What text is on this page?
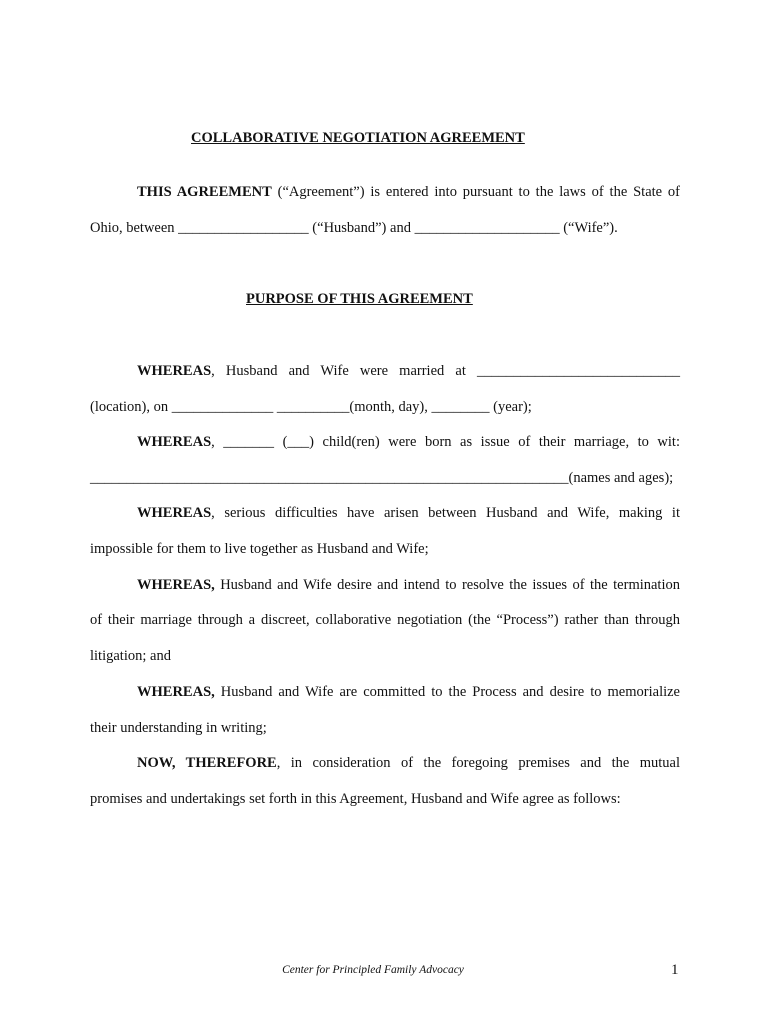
COLLABORATIVE NEGOTIATION AGREEMENT
THIS AGREEMENT (“Agreement”) is entered into pursuant to the laws of the State of
Ohio, between __________________ (“Husband”) and ____________________ (“Wife”).
PURPOSE OF THIS AGREEMENT
WHEREAS, Husband and Wife were married at ____________________________
(location), on ______________ __________(month, day), ________ (year);
WHEREAS, _______ (___) child(ren) were born as issue of their marriage, to wit:
__________________________________________________________________(names and ages);
WHEREAS, serious difficulties have arisen between Husband and Wife, making it
impossible for them to live together as Husband and Wife;
WHEREAS, Husband and Wife desire and intend to resolve the issues of the termination
of their marriage through a discreet, collaborative negotiation (the “Process”) rather than through
litigation; and
WHEREAS, Husband and Wife are committed to the Process and desire to memorialize
their understanding in writing;
NOW, THEREFORE, in consideration of the foregoing premises and the mutual
promises and undertakings set forth in this Agreement, Husband and Wife agree as follows:
Center for Principled Family Advocacy	1
